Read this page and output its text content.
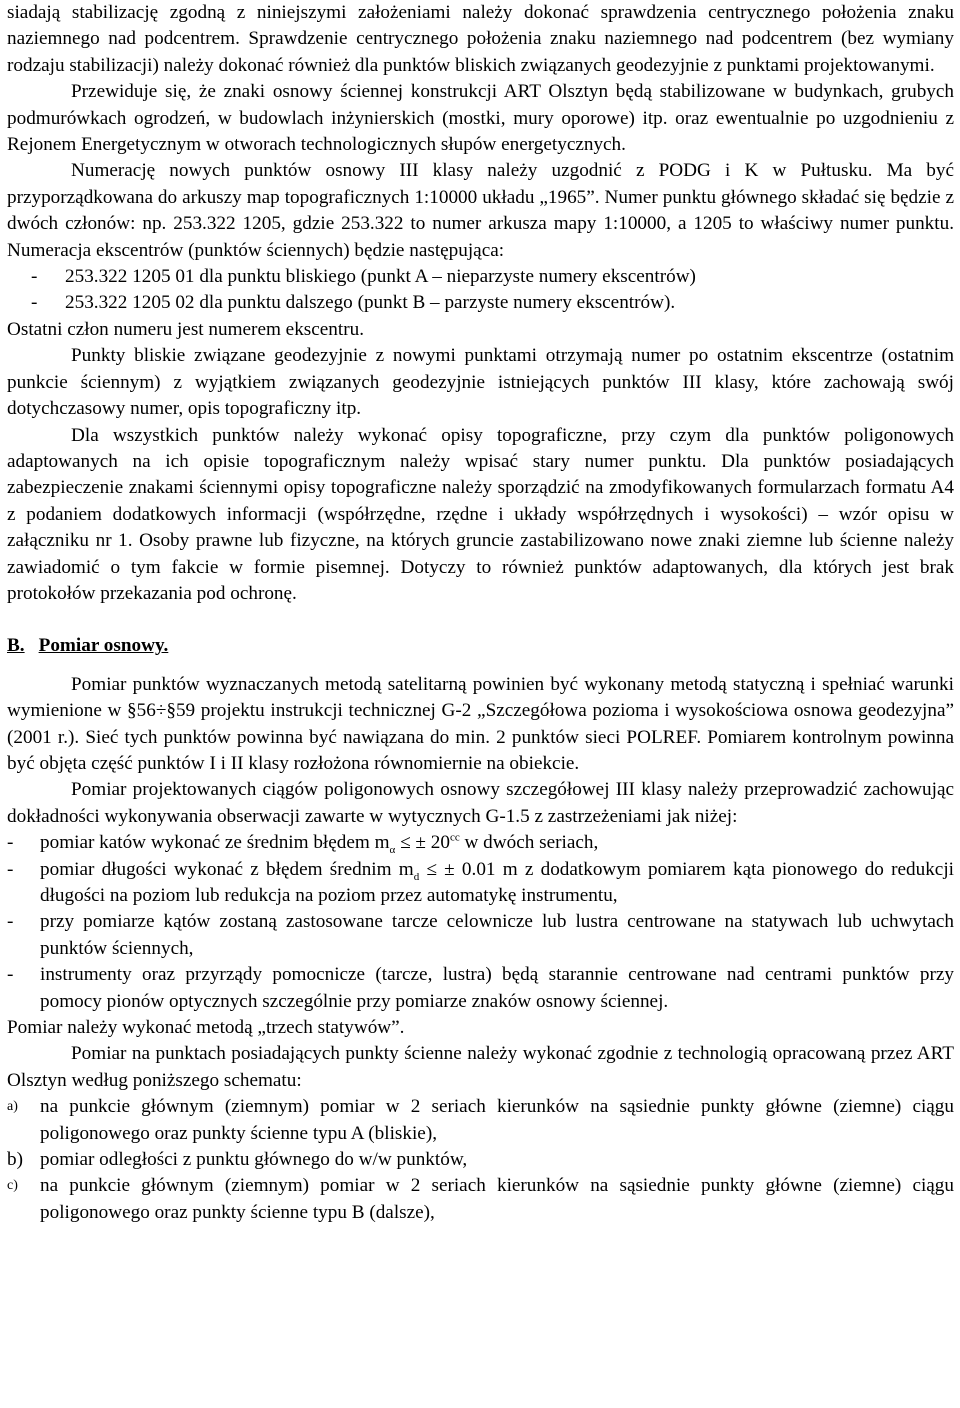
siadają stabilizację zgodną z niniejszymi założeniami należy dokonać sprawdzenia centrycznego położenia znaku naziemnego nad podcentrem. Sprawdzenie centrycznego położenia znaku naziemnego nad podcentrem (bez wymiany rodzaju stabilizacji) należy dokonać również dla punktów bliskich związanych geodezyjnie z punktami projektowanymi.

Przewiduje się, że znaki osnowy ściennej konstrukcji ART Olsztyn będą stabilizowane w budynkach, grubych podmurówkach ogrodzeń, w budowlach inżynierskich (mostki, mury oporowe) itp. oraz ewentualnie po uzgodnieniu z Rejonem Energetycznym w otworach technologicznych słupów energetycznych.

Numerację nowych punktów osnowy III klasy należy uzgodnić z PODG i K w Pułtusku. Ma być przyporządkowana do arkuszy map topograficznych 1:10000 układu „1965”. Numer punktu głównego składać się będzie z dwóch członów: np. 253.322 1205, gdzie 253.322 to numer arkusza mapy 1:10000, a 1205 to właściwy numer punktu. Numeracja ekscentrów (punktów ściennych) będzie następująca:

-	253.322 1205 01 dla punktu bliskiego (punkt A – nieparzyste numery ekscentrów)
-	253.322 1205 02 dla punktu dalszego (punkt B – parzyste numery ekscentrów).

Ostatni człon numeru jest numerem ekscentru.

Punkty bliskie związane geodezyjnie z nowymi punktami otrzymają numer po ostatnim ekscentrze (ostatnim punkcie ściennym) z wyjątkiem związanych geodezyjnie istniejących punktów III klasy, które zachowają swój dotychczasowy numer, opis topograficzny itp.

Dla wszystkich punktów należy wykonać opisy topograficzne, przy czym dla punktów poligonowych adaptowanych na ich opisie topograficznym należy wpisać stary numer punktu. Dla punktów posiadających zabezpieczenie znakami ściennymi opisy topograficzne należy sporządzić na zmodyfikowanych formularzach formatu A4 z podaniem dodatkowych informacji (współrzędne, rzędne i układy współrzędnych i wysokości) – wzór opisu w załączniku nr 1. Osoby prawne lub fizyczne, na których gruncie zastabilizowano nowe znaki ziemne lub ścienne należy zawiadomić o tym fakcie w formie pisemnej. Dotyczy to również punktów adaptowanych, dla których jest brak protokołów przekazania pod ochronę.

B. Pomiar osnowy.

Pomiar punktów wyznaczanych metodą satelitarną powinien być wykonany metodą statyczną i spełniać warunki wymienione w §56÷§59 projektu instrukcji technicznej G-2 „Szczegółowa pozioma i wysokościowa osnowa geodezyjna” (2001 r.). Sieć tych punktów powinna być nawiązana do min. 2 punktów sieci POLREF. Pomiarem kontrolnym powinna być objęta część punktów I i II klasy rozłożona równomiernie na obiekcie.

Pomiar projektowanych ciągów poligonowych osnowy szczegółowej III klasy należy przeprowadzić zachowując dokładności wykonywania obserwacji zawarte w wytycznych G-1.5 z zastrzeżeniami jak niżej:

- pomiar katów wykonać ze średnim błędem $m_\alpha$ ≤ ± $20^{cc}$ w dwóch seriach,
- pomiar długości wykonać z błędem średnim $m_d$ ≤ ± 0.01 m z dodatkowym pomiarem kąta pionowego do redukcji długości na poziom lub redukcja na poziom przez automatykę instrumentu,
- przy pomiarze kątów zostaną zastosowane tarcze celownicze lub lustra centrowane na statywach lub uchwytach punktów ściennych,
- instrumenty oraz przyrządy pomocnicze (tarcze, lustra) będą starannie centrowane nad centrami punktów przy pomocy pionów optycznych szczególnie przy pomiarze znaków osnowy ściennej.

Pomiar należy wykonać metodą „trzech statywów”.

Pomiar na punktach posiadających punkty ścienne należy wykonać zgodnie z technologią opracowaną przez ART Olsztyn według poniższego schematu:

a) na punkcie głównym (ziemnym) pomiar w 2 seriach kierunków na sąsiednie punkty główne (ziemne) ciągu poligonowego oraz punkty ścienne typu A (bliskie),
b) pomiar odległości z punktu głównego do w/w punktów,
c) na punkcie głównym (ziemnym) pomiar w 2 seriach kierunków na sąsiednie punkty główne (ziemne) ciągu poligonowego oraz punkty ścienne typu B (dalsze),
